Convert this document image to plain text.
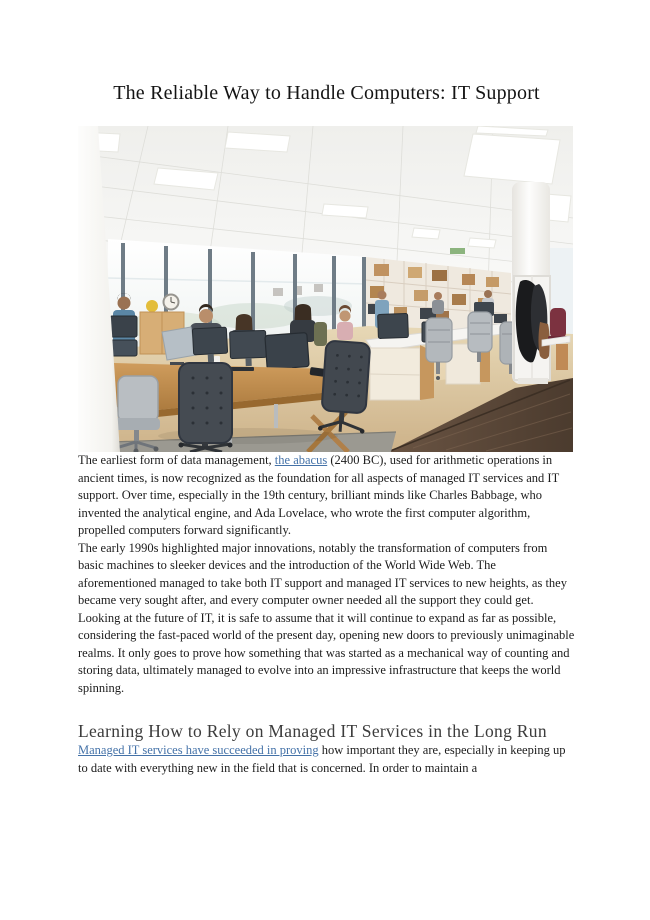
The Reliable Way to Handle Computers: IT Support

The earliest form of data management, the abacus (2400 BC), used for arithmetic operations in ancient times, is now recognized as the foundation for all aspects of managed IT services and IT support. Over time, especially in the 19th century, brilliant minds like Charles Babbage, who invented the analytical engine, and Ada Lovelace, who wrote the first computer algorithm, propelled computers forward significantly.

The early 1990s highlighted major innovations, notably the transformation of computers from basic machines to sleeker devices and the introduction of the World Wide Web. The aforementioned managed to take both IT support and managed IT services to new heights, as they became very sought after, and every computer owner needed all the support they could get. Looking at the future of IT, it is safe to assume that it will continue to expand as far as possible, considering the fast-paced world of the present day, opening new doors to previously unimaginable realms. It only goes to prove how something that was started as a mechanical way of counting and storing data, ultimately managed to evolve into an impressive infrastructure that keeps the world spinning.

Learning How to Rely on Managed IT Services in the Long Run

Managed IT services have succeeded in proving how important they are, especially in keeping up to date with everything new in the field that is concerned. In order to maintain a
